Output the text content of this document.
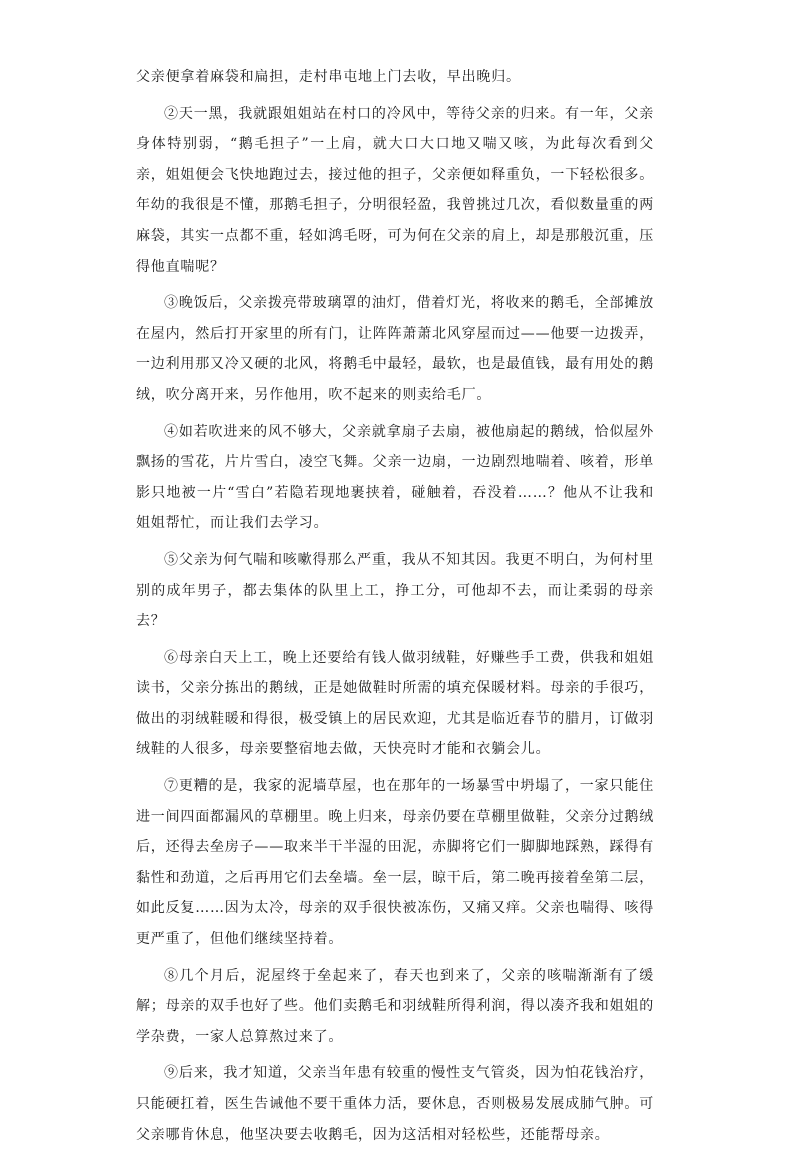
父亲便拿着麻袋和扁担，走村串屯地上门去收，早出晚归。

②天一黑，我就跟姐姐站在村口的冷风中，等待父亲的归来。有一年，父亲身体特别弱，“鹅毛担子”一上肩，就大口大口地又喘又咳，为此每次看到父亲，姐姐便会飞快地跑过去，接过他的担子，父亲便如释重负，一下轻松很多。年幼的我很是不懂，那鹅毛担子，分明很轻盈，我曾挑过几次，看似数量重的两麻袋，其实一点都不重，轻如鸿毛呀，可为何在父亲的肩上，却是那般沉重，压得他直喘呢？

③晚饭后，父亲拨亮带玻璃罩的油灯，借着灯光，将收来的鹅毛，全部摊放在屋内，然后打开家里的所有门，让阵阵萧萧北风穿屋而过——他要一边拨弄，一边利用那又冷又硬的北风，将鹅毛中最轻，最软，也是最值钱，最有用处的鹅绒，吹分离开来，另作他用，吹不起来的则卖给毛厂。

④如若吹进来的风不够大，父亲就拿扇子去扇，被他扇起的鹅绒，恰似屋外飘扬的雪花，片片雪白，凌空飞舞。父亲一边扇，一边剧烈地喘着、咳着，形单影只地被一片“雪白”若隐若现地裹挟着，碰触着，吞没着……？他从不让我和姐姐帮忙，而让我们去学习。

⑤父亲为何气喘和咳嗽得那么严重，我从不知其因。我更不明白，为何村里别的成年男子，都去集体的队里上工，挣工分，可他却不去，而让柔弱的母亲去？

⑥母亲白天上工，晚上还要给有钱人做羽绒鞋，好赚些手工费，供我和姐姐读书，父亲分拣出的鹅绒，正是她做鞋时所需的填充保暖材料。母亲的手很巧，做出的羽绒鞋暖和得很，极受镇上的居民欢迎，尤其是临近春节的腊月，订做羽绒鞋的人很多，母亲要整宿地去做，天快亮时才能和衣躺会儿。

⑦更糟的是，我家的泥墙草屋，也在那年的一场暴雪中坍塌了，一家只能住进一间四面都漏风的草棚里。晚上归来，母亲仍要在草棚里做鞋，父亲分过鹅绒后，还得去垒房子——取来半干半湿的田泥，赤脚将它们一脚脚地踩熟，踩得有黏性和劲道，之后再用它们去垒墙。垒一层，晾干后，第二晚再接着垒第二层，如此反复……因为太冷，母亲的双手很快被冻伤，又痛又痒。父亲也喘得、咳得更严重了，但他们继续坚持着。

⑧几个月后，泥屋终于垒起来了，春天也到来了，父亲的咳喘渐渐有了缓解；母亲的双手也好了些。他们卖鹅毛和羽绒鞋所得利润，得以凑齐我和姐姐的学杂费，一家人总算熬过来了。

⑨后来，我才知道，父亲当年患有较重的慢性支气管炎，因为怕花钱治疗，只能硬扛着，医生告诫他不要干重体力活，要休息，否则极易发展成肺气肿。可父亲哪肯休息，他坚决要去收鹅毛，因为这活相对轻松些，还能帮母亲。
